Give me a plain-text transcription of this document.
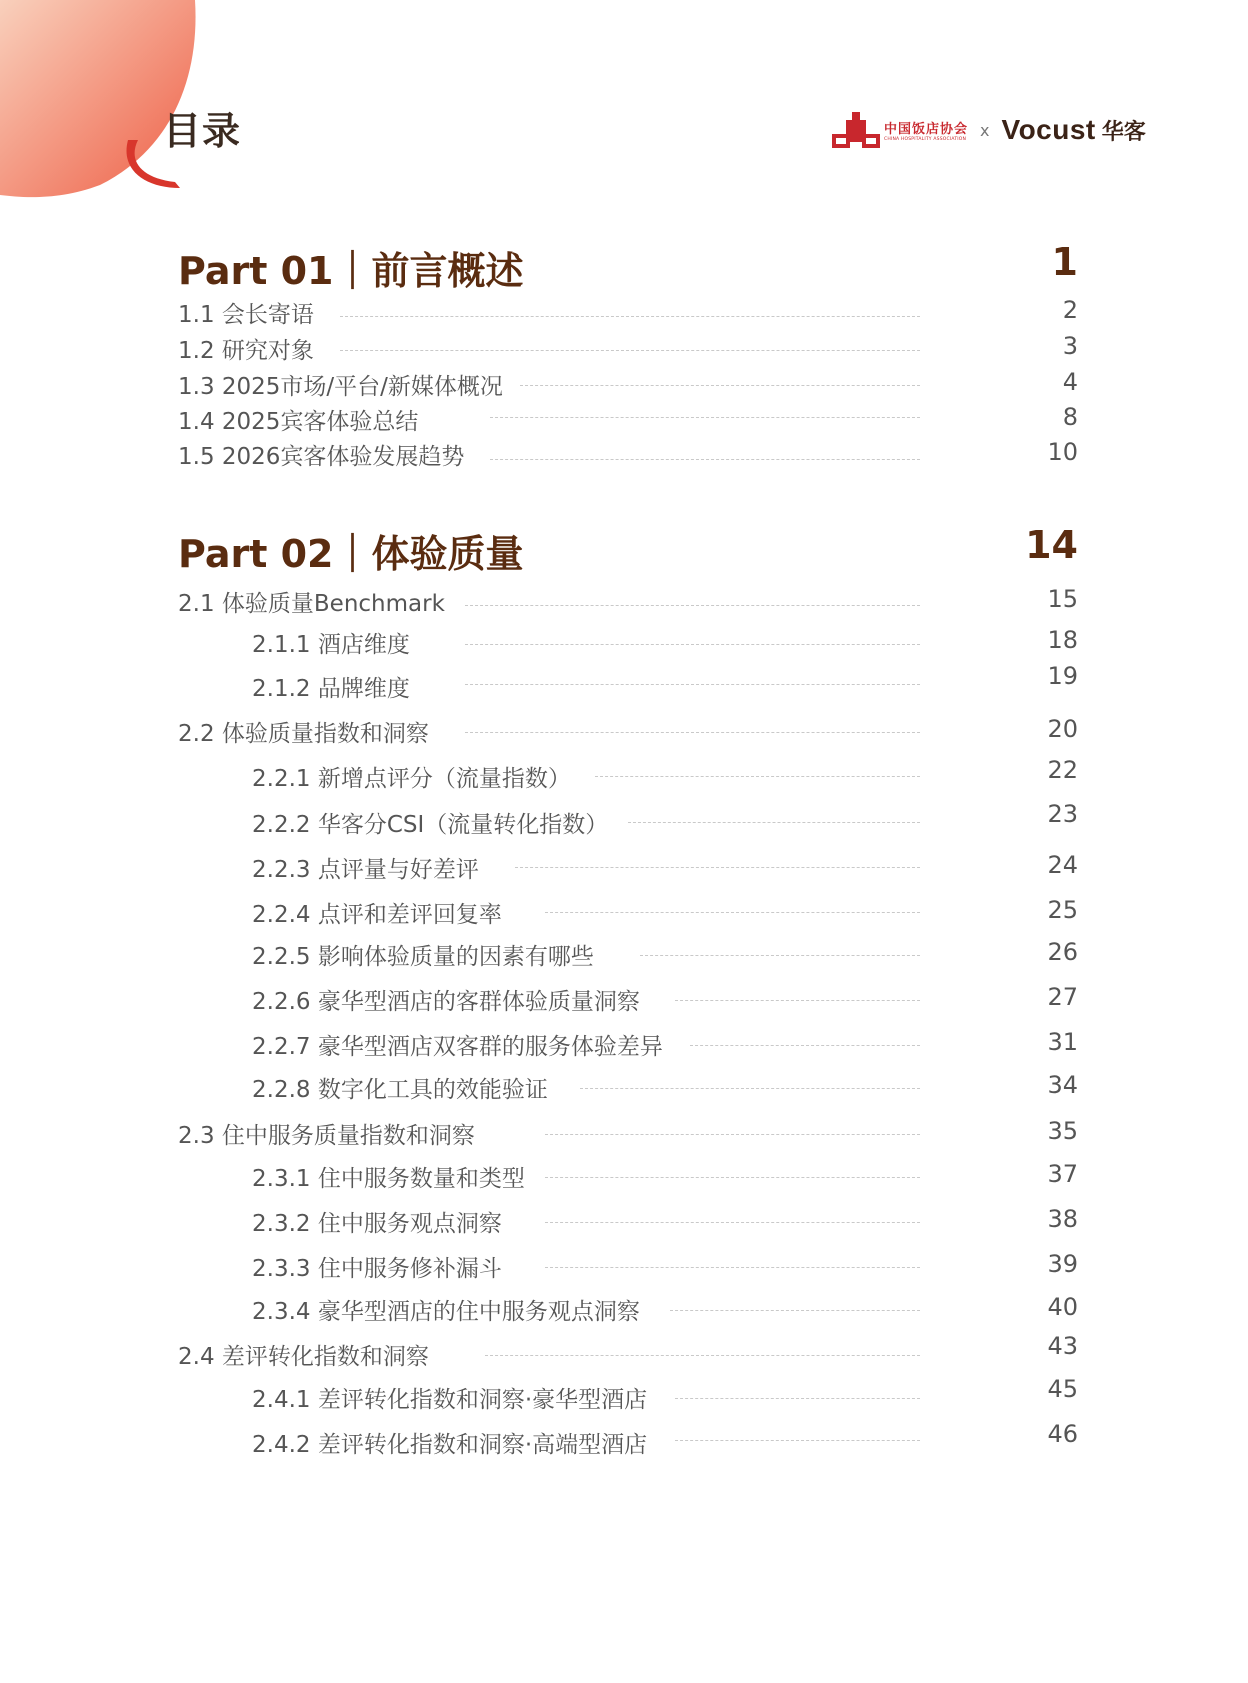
目录	中国饭店协会
CHINA HOSPITALITY ASSOCIATION x Vocust 华客
Part 01｜前言概述	1
1.1 会长寄语	2
1.2 研究对象	3
1.3 2025市场/平台/新媒体概况	4
1.4 2025宾客体验总结	8
1.5 2026宾客体验发展趋势	10
Part 02｜体验质量	14
2.1 体验质量Benchmark	15
2.1.1 酒店维度	18
2.1.2 品牌维度	19
2.2 体验质量指数和洞察	20
2.2.1 新增点评分（流量指数）	22
2.2.2 华客分CSI（流量转化指数）	23
2.2.3 点评量与好差评	24
2.2.4 点评和差评回复率	25
2.2.5 影响体验质量的因素有哪些	26
2.2.6 豪华型酒店的客群体验质量洞察	27
2.2.7 豪华型酒店双客群的服务体验差异	31
2.2.8 数字化工具的效能验证	34
2.3 住中服务质量指数和洞察	35
2.3.1 住中服务数量和类型	37
2.3.2 住中服务观点洞察	38
2.3.3 住中服务修补漏斗	39
2.3.4 豪华型酒店的住中服务观点洞察	40
2.4 差评转化指数和洞察	43
2.4.1 差评转化指数和洞察·豪华型酒店	45
2.4.2 差评转化指数和洞察·高端型酒店	46
